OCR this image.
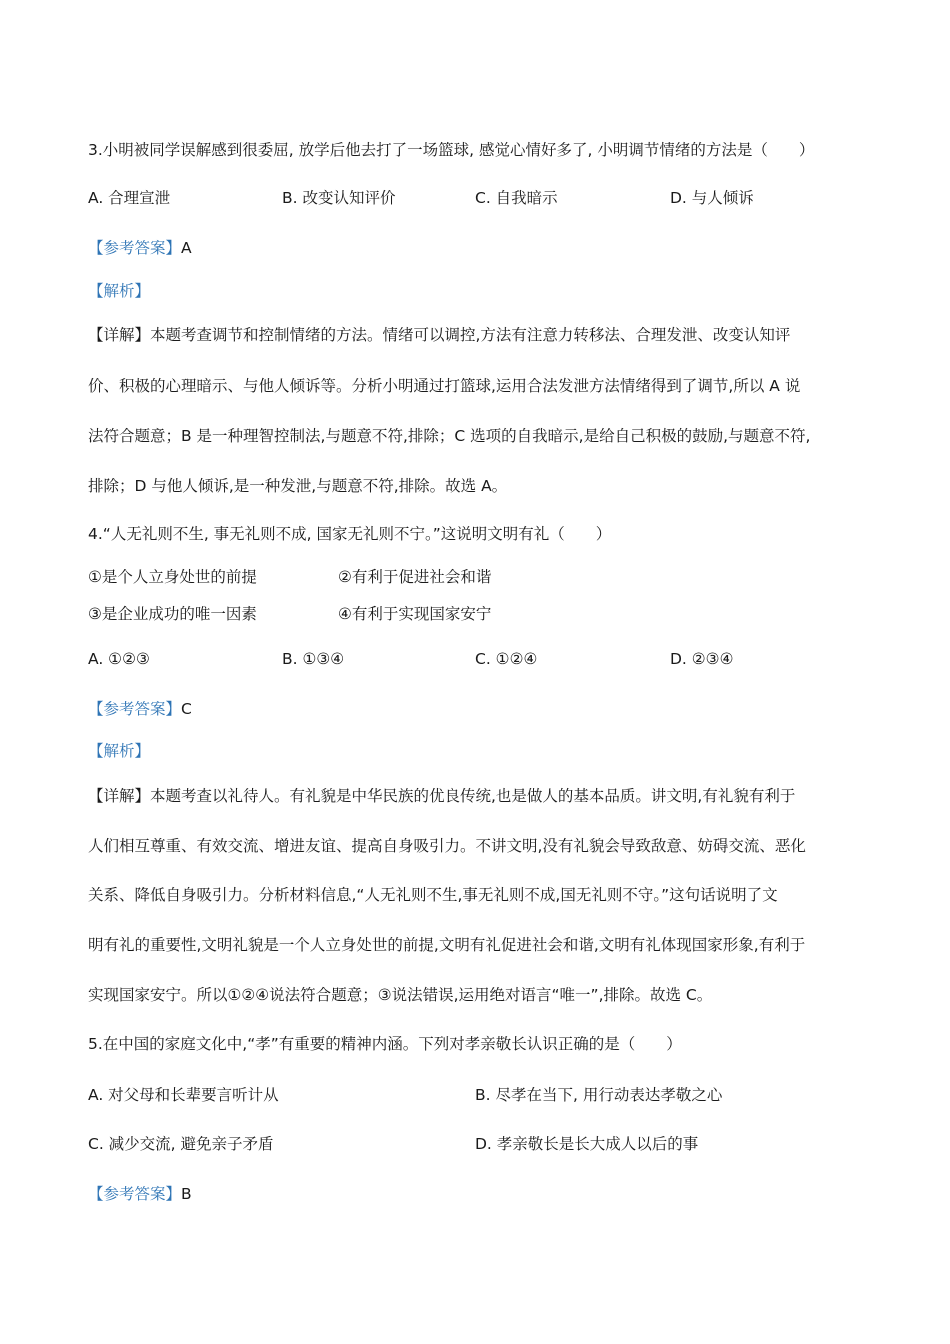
3.小明被同学误解感到很委屈, 放学后他去打了一场篮球, 感觉心情好多了, 小明调节情绪的方法是（　　）
A. 合理宣泄	B. 改变认知评价	C. 自我暗示	D. 与人倾诉
【参考答案】A
【解析】
【详解】本题考查调节和控制情绪的方法。情绪可以调控,方法有注意力转移法、合理发泄、改变认知评
价、积极的心理暗示、与他人倾诉等。分析小明通过打篮球,运用合法发泄方法情绪得到了调节,所以 A 说
法符合题意；B 是一种理智控制法,与题意不符,排除；C 选项的自我暗示,是给自己积极的鼓励,与题意不符,
排除；D 与他人倾诉,是一种发泄,与题意不符,排除。故选 A。
4.“人无礼则不生, 事无礼则不成, 国家无礼则不宁。”这说明文明有礼（　　）
①是个人立身处世的前提	②有利于促进社会和谐
③是企业成功的唯一因素	④有利于实现国家安宁
A. ①②③	B. ①③④	C. ①②④	D. ②③④
【参考答案】C
【解析】
【详解】本题考查以礼待人。有礼貌是中华民族的优良传统,也是做人的基本品质。讲文明,有礼貌有利于
人们相互尊重、有效交流、增进友谊、提高自身吸引力。不讲文明,没有礼貌会导致敌意、妨碍交流、恶化
关系、降低自身吸引力。分析材料信息,“人无礼则不生,事无礼则不成,国无礼则不守。”这句话说明了文
明有礼的重要性,文明礼貌是一个人立身处世的前提,文明有礼促进社会和谐,文明有礼体现国家形象,有利于
实现国家安宁。所以①②④说法符合题意；③说法错误,运用绝对语言“唯一”,排除。故选 C。
5.在中国的家庭文化中,“孝”有重要的精神内涵。下列对孝亲敬长认识正确的是（　　）
A. 对父母和长辈要言听计从	B. 尽孝在当下, 用行动表达孝敬之心
C. 减少交流, 避免亲子矛盾	D. 孝亲敬长是长大成人以后的事
【参考答案】B
